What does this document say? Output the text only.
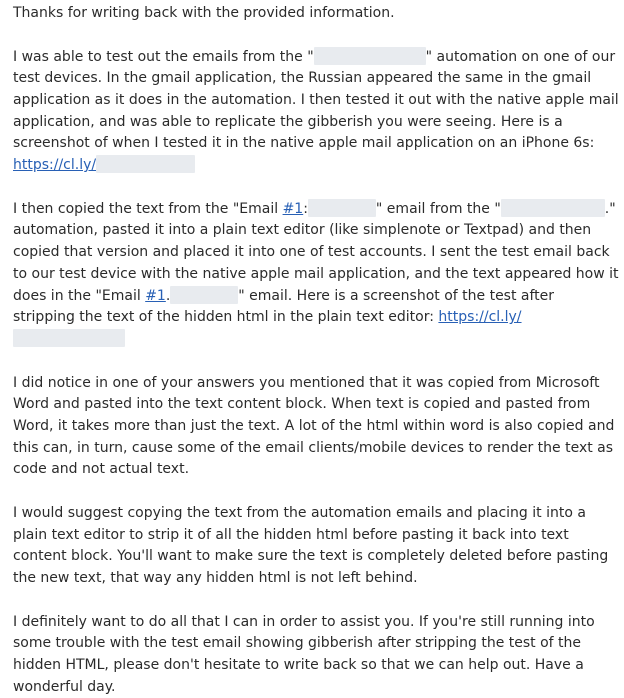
Thanks for writing back with the provided information.

I was able to test out the emails from the "	" automation on one of our test devices. In the gmail application, the Russian appeared the same in the gmail application as it does in the automation. I then tested it out with the native apple mail application, and was able to replicate the gibberish you were seeing. Here is a screenshot of when I tested it in the native apple mail application on an iPhone 6s: https://cl.ly/

I then copied the text from the "Email #1:	" email from the "	." automation, pasted it into a plain text editor (like simplenote or Textpad) and then copied that version and placed it into one of test accounts. I sent the test email back to our test device with the native apple mail application, and the text appeared how it does in the "Email #1.	" email. Here is a screenshot of the test after stripping the text of the hidden html in the plain text editor: https://cl.ly/

I did notice in one of your answers you mentioned that it was copied from Microsoft Word and pasted into the text content block. When text is copied and pasted from Word, it takes more than just the text. A lot of the html within word is also copied and this can, in turn, cause some of the email clients/mobile devices to render the text as code and not actual text.

I would suggest copying the text from the automation emails and placing it into a plain text editor to strip it of all the hidden html before pasting it back into text content block. You'll want to make sure the text is completely deleted before pasting the new text, that way any hidden html is not left behind.

I definitely want to do all that I can in order to assist you. If you're still running into some trouble with the test email showing gibberish after stripping the test of the hidden HTML, please don't hesitate to write back so that we can help out. Have a wonderful day.
